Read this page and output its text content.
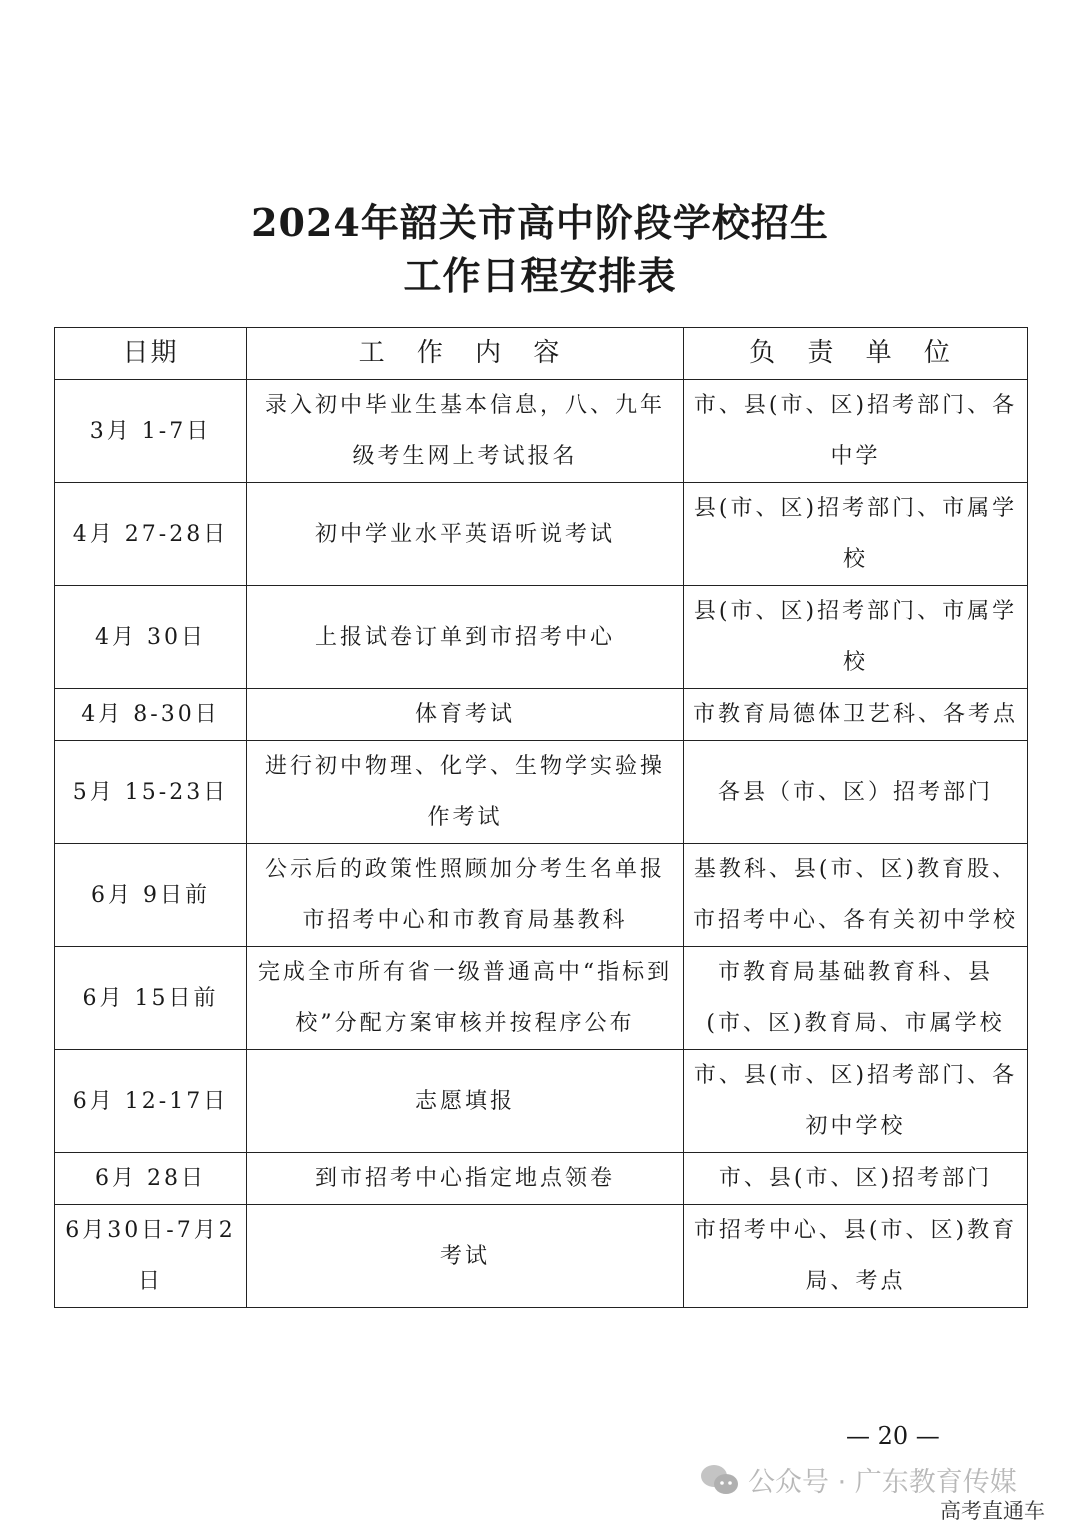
2024年韶关市高中阶段学校招生
工作日程安排表
日期	工 作 内 容	负 责 单 位
3月 1-7日	录入初中毕业生基本信息，八、九年级考生网上考试报名	市、县(市、区)招考部门、各中学
4月 27-28日	初中学业水平英语听说考试	县(市、区)招考部门、市属学校
4月 30日	上报试卷订单到市招考中心	县(市、区)招考部门、市属学校
4月 8-30日	体育考试	市教育局德体卫艺科、各考点
5月 15-23日	进行初中物理、化学、生物学实验操作考试	各县（市、区）招考部门
6月 9日前	公示后的政策性照顾加分考生名单报市招考中心和市教育局基教科	基教科、县(市、区)教育股、市招考中心、各有关初中学校
6月 15日前	完成全市所有省一级普通高中“指标到校”分配方案审核并按程序公布	市教育局基础教育科、县(市、区)教育局、市属学校
6月 12-17日	志愿填报	市、县(市、区)招考部门、各初中学校
6月 28日	到市招考中心指定地点领卷	市、县(市、区)招考部门
6月30日-7月2日	考试	市招考中心、县(市、区)教育局、考点
— 20 —
公众号 · 广东教育传媒
高考直通车
